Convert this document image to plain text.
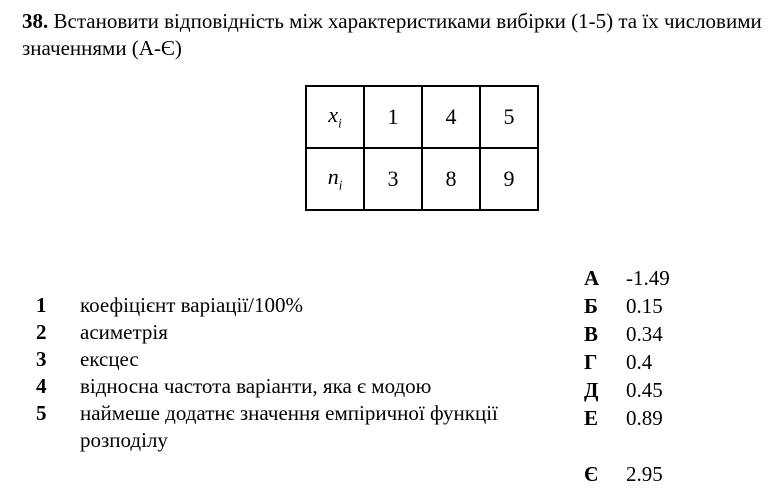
38. Встановити відповідність між характеристиками вибірки (1-5) та їх числовими значеннями (А-Є)

$x_i$	1	4	5
$n_i$	3	8	9
1	коефіцієнт варіації/100%
2	асиметрія
3	ексцес
4	відносна частота варіанти, яка є модою
5	наймеше додатнє значення емпіричної функції розподілу
А	-1.49
Б	0.15
В	0.34
Г	0.4
Д	0.45
Е	0.89
Є	2.95
